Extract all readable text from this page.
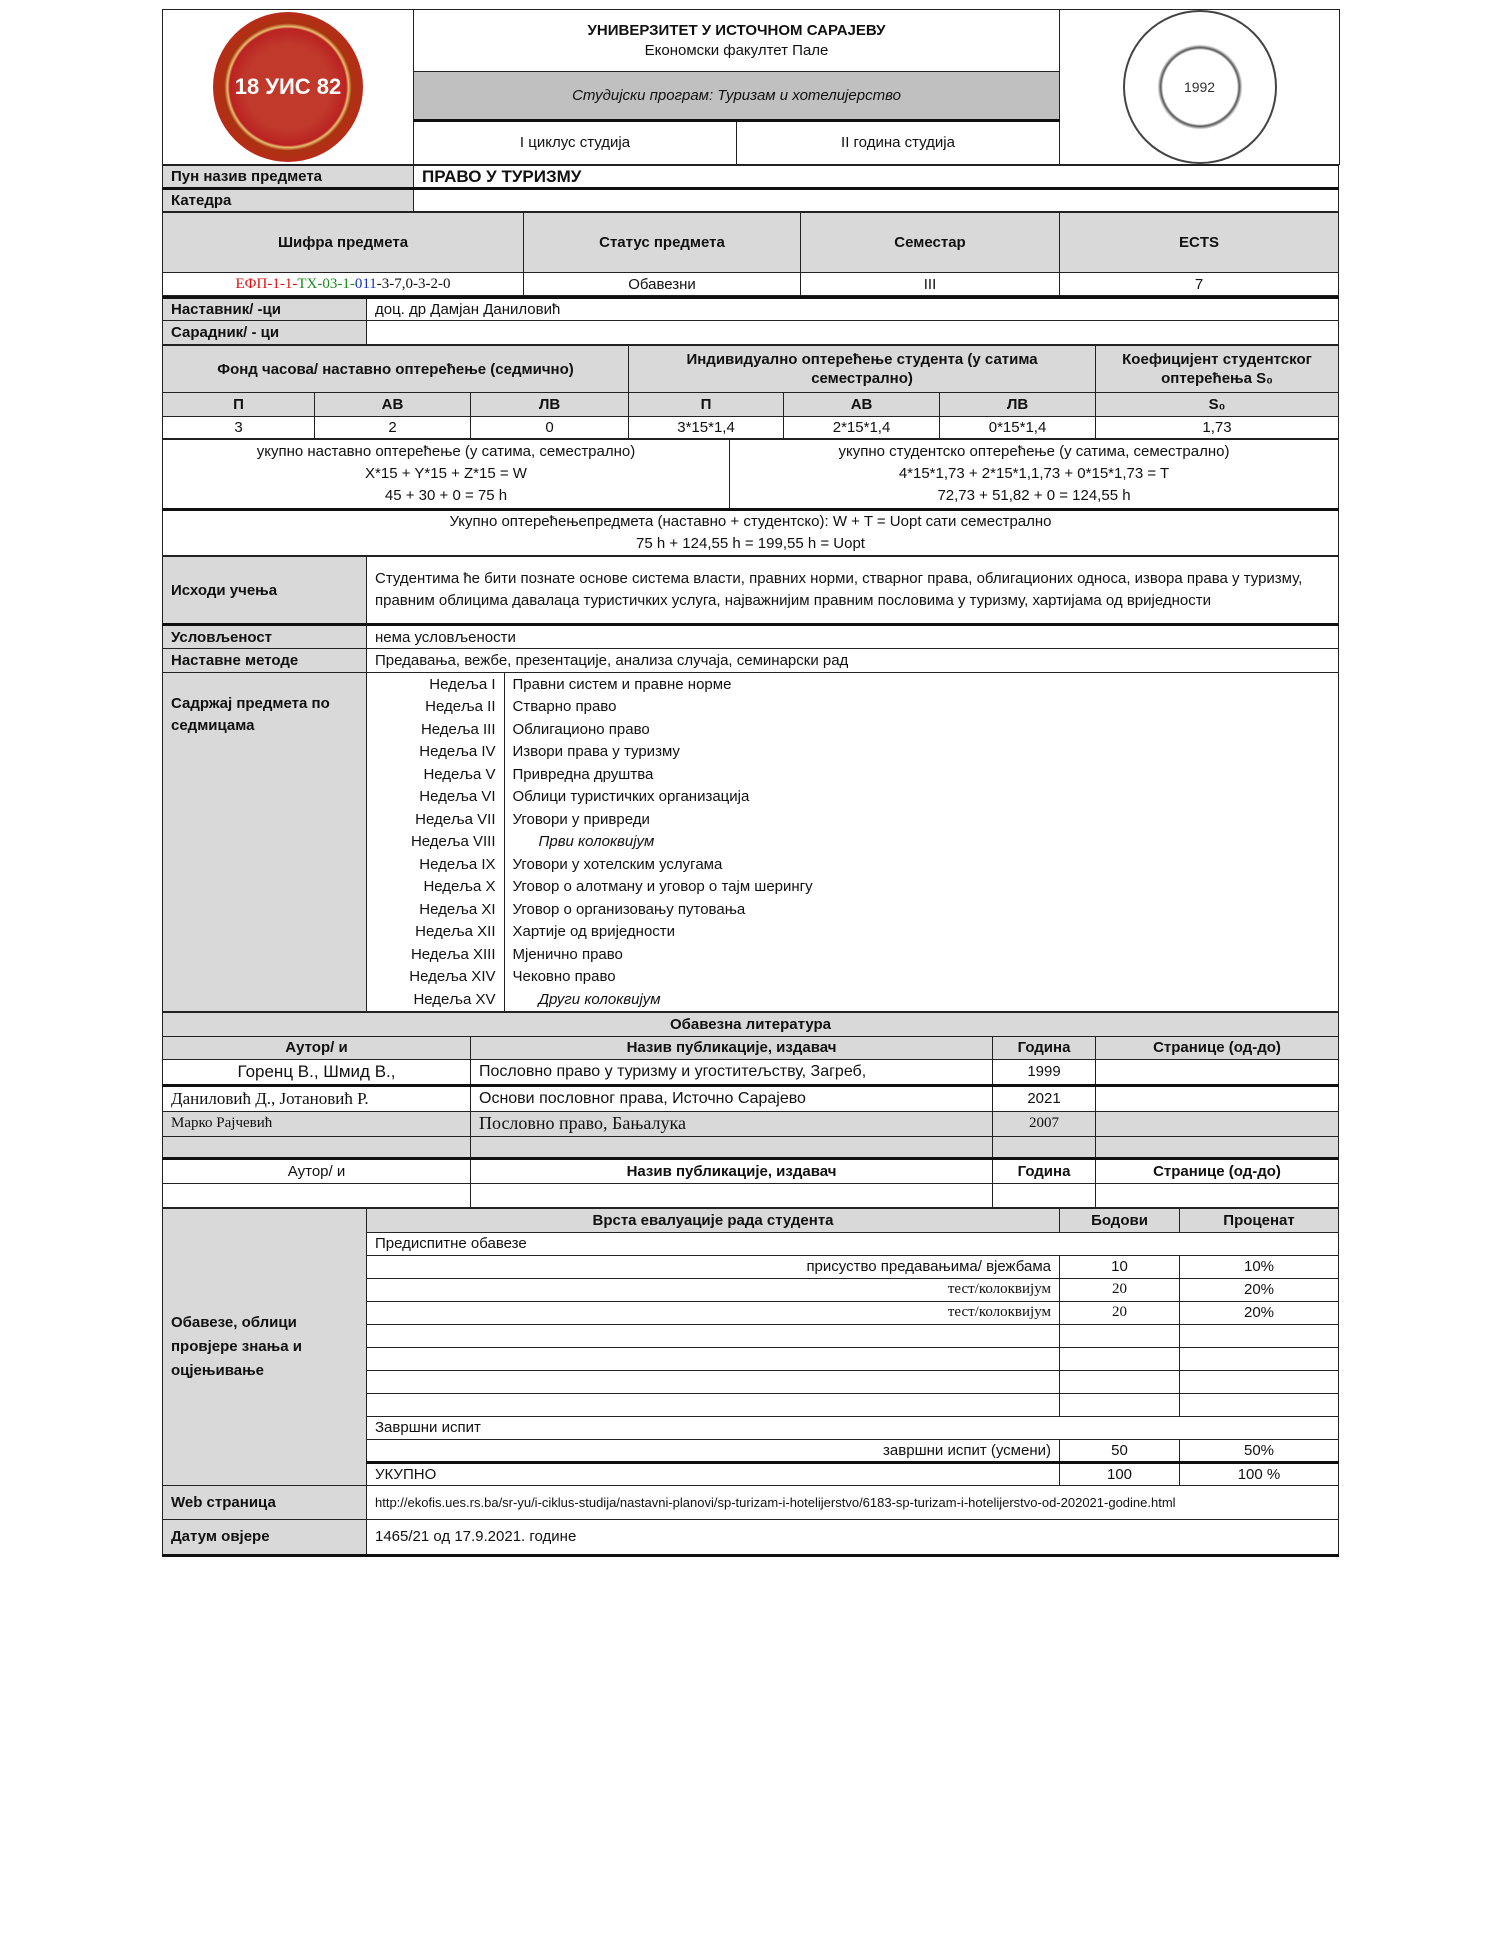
18 УИС 82	УНИВЕРЗИТЕТ У ИСТОЧНОМ САРАЈЕВУ
Економски факултет Пале		1992

	Студијски програм: Туризам и хотелијерство		
	I циклус студија	II година студија	
Пун назив предмета	ПРАВО У ТУРИЗМУ
Катедра	
Шифра предмета	Статус предмета	Семестар	ECTS
ЕФП-1-1-ТХ-03-1-011-3-7,0-3-2-0	Обавезни	III	7
Наставник/ -ци	доц. др Дамјан Даниловић
Сарадник/ - ци	
Фонд часова/ наставно оптерећење (седмично)			Индивидуално оптерећење студента (у сатима семестрално)			Коефицијент студентског оптерећења S₀
П	АВ	ЛВ	П	АВ	ЛВ	S₀
3	2	0	3*15*1,4	2*15*1,4	0*15*1,4	1,73
укупно наставно оптерећење (у сатима, семестрално)
X*15 + Y*15 + Z*15 = W
45 + 30 + 0 = 75 h

укупно студентско оптерећење (у сатима, семестрално)
4*15*1,73 + 2*15*1,1,73 + 0*15*1,73 = T
72,73 + 51,82 + 0 = 124,55 h

Укупно оптерећењепредмета (наставно + студентско): W + T = Uopt сати семестрално
75 h + 124,55 h = 199,55 h = Uopt
Исходи учења	Студентима ће бити познате основе система власти, правних норми, стварног права, облигационих односа, извора права у туризму, правним облицима давалаца туристичких услуга, најважнијим правним пословима у туризму, хартијама од вриједности
Условљеност	нема условљености
Наставне методе	Предавања, вежбе, презентације, анализа случаја, семинарски рад
Садржај предмета по седмицама	
Недеља I	Правни систем и правне норме
Недеља II	Стварно право
Недеља III	Облигационо право
Недеља IV	Извори права у туризму
Недеља V	Привредна друштва
Недеља VI	Облици туристичких организација
Недеља VII	Уговори у привреди
Недеља VIII	Први колоквијум
Недеља IX	Уговори у хотелским услугама
Недеља X	Уговор о алотману и уговор о тајм шерингу
Недеља XI	Уговор о организовању путовања
Недеља XII	Хартије од вриједности
Недеља XIII	Мјенично право
Недеља XIV	Чековно право
Недеља XV	Други колоквијум
Обавезна литература			
Аутор/ и	Назив публикације, издавач	Година	Странице (од-до)
Горенц В., Шмид В.,	Пословно право у туризму и угоститељству, Загреб,	1999	
Даниловић Д., Јотановић Р.	Основи пословног права, Источно Сарајево	2021	
Марко Рајчевић	Пословно право, Бањалука	2007	

Аутор/ и	Назив публикације, издавач	Година	Странице (од-до)

Обавезе, облици провјере знања и оцјењивање	Врста евалуације рада студента	Бодови	Проценат
	Предиспитне обавезе		
	присуство предавањима/ вјежбама	10	10%
	тест/колоквијум	20	20%
	тест/колоквијум	20	20%

	Завршни испит		
	завршни испит (усмени)	50	50%
	УКУПНО	100	100 %
Web страница	http://ekofis.ues.rs.ba/sr-yu/i-ciklus-studija/nastavni-planovi/sp-turizam-i-hotelijerstvo/6183-sp-turizam-i-hotelijerstvo-od-202021-godine.html		
Датум овјере	1465/21 од 17.9.2021. године		
